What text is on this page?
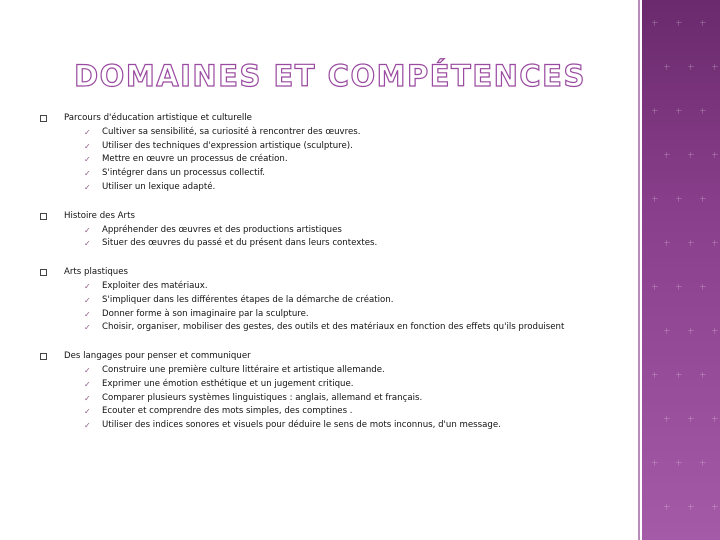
DOMAINES ET COMPÉTENCES
Parcours d'éducation artistique et culturelle
✓ Cultiver sa sensibilité, sa curiosité à rencontrer des œuvres.
✓ Utiliser des techniques d'expression artistique (sculpture).
✓ Mettre en œuvre un processus de création.
✓ S'intégrer dans un processus collectif.
✓ Utiliser un lexique adapté.
Histoire des Arts
✓ Appréhender des œuvres et des productions artistiques
✓ Situer des œuvres du passé et du présent dans leurs contextes.
Arts plastiques
✓ Exploiter des matériaux.
✓ S'impliquer dans les différentes étapes de la démarche de création.
✓ Donner forme à son imaginaire par la sculpture.
✓ Choisir, organiser, mobiliser des gestes, des outils et des matériaux en fonction des effets qu'ils produisent
Des langages pour penser et communiquer
✓ Construire une première culture littéraire et artistique allemande.
✓ Exprimer une émotion esthétique et un jugement critique.
✓ Comparer plusieurs systèmes linguistiques : anglais, allemand et français.
✓ Ecouter et comprendre des mots simples, des comptines .
✓ Utiliser des indices sonores et visuels pour déduire le sens de mots inconnus, d'un message.
